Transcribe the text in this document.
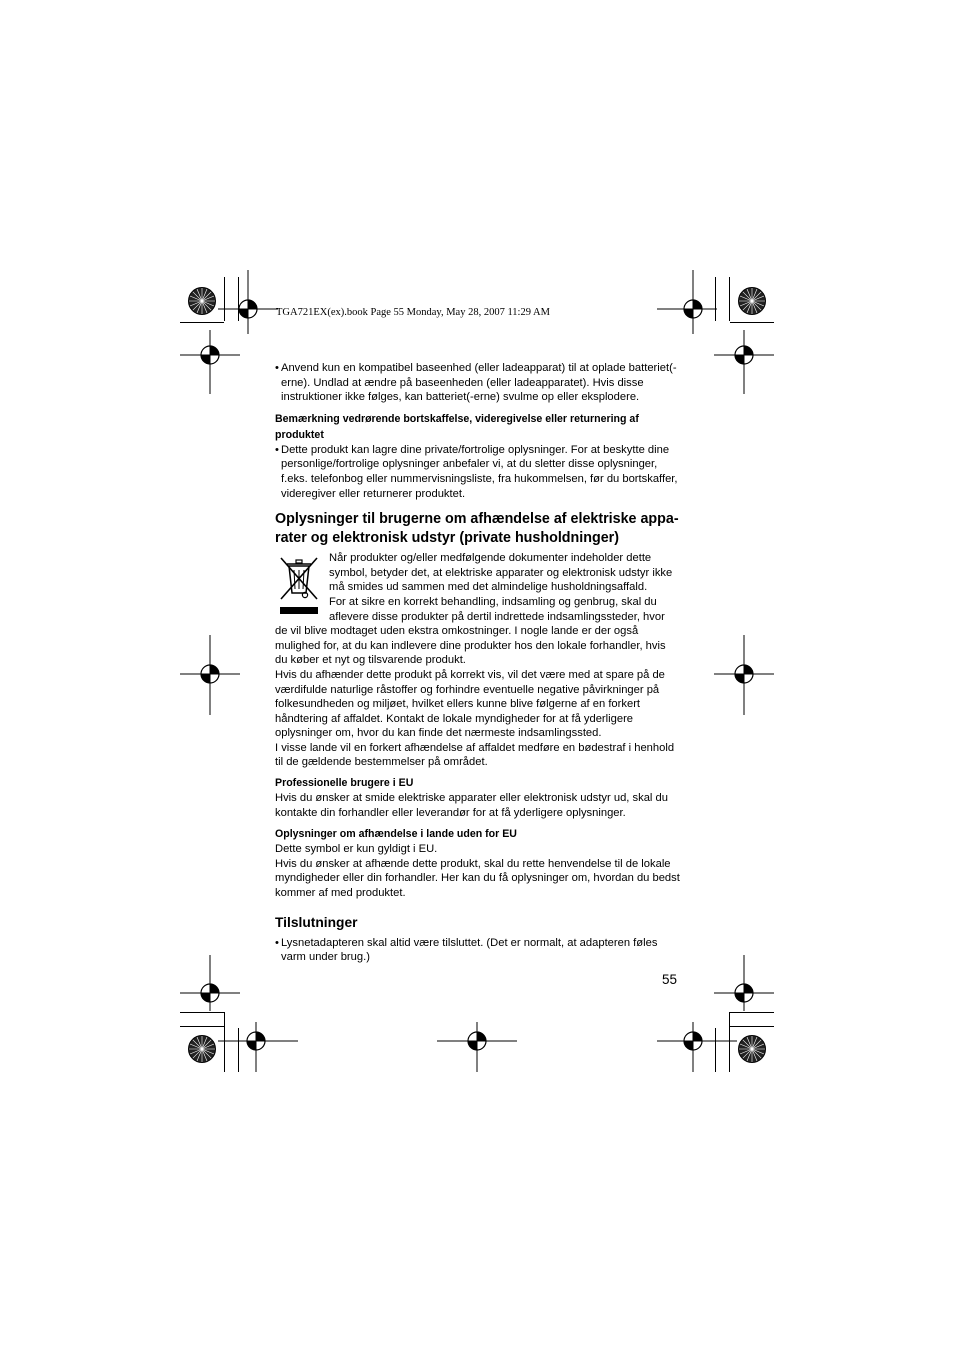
TGA721EX(ex).book Page 55 Monday, May 28, 2007 11:29 AM

• Anvend kun en kompatibel baseenhed (eller ladeapparat) til at oplade batteriet(-erne). Undlad at ændre på baseenheden (eller ladeapparatet). Hvis disse instruktioner ikke følges, kan batteriet(-erne) svulme op eller eksplodere.

Bemærkning vedrørende bortskaffelse, videregivelse eller returnering af produktet

• Dette produkt kan lagre dine private/fortrolige oplysninger. For at beskytte dine personlige/fortrolige oplysninger anbefaler vi, at du sletter disse oplysninger, f.eks. telefonbog eller nummervisningsliste, fra hukommelsen, før du bortskaffer, videregiver eller returnerer produktet.

Oplysninger til brugerne om afhændelse af elektriske appa-
rater og elektronisk udstyr (private husholdninger)

Når produkter og/eller medfølgende dokumenter indeholder dette symbol, betyder det, at elektriske apparater og elektronisk udstyr ikke må smides ud sammen med det almindelige husholdningsaffald.

For at sikre en korrekt behandling, indsamling og genbrug, skal du aflevere disse produkter på dertil indrettede indsamlingssteder, hvor de vil blive modtaget uden ekstra omkostninger. I nogle lande er der også mulighed for, at du kan indlevere dine produkter hos den lokale forhandler, hvis du køber et nyt og tilsvarende produkt.

Hvis du afhænder dette produkt på korrekt vis, vil det være med at spare på de værdifulde naturlige råstoffer og forhindre eventuelle negative påvirkninger på folkesundheden og miljøet, hvilket ellers kunne blive følgerne af en forkert håndtering af affaldet. Kontakt de lokale myndigheder for at få yderligere oplysninger om, hvor du kan finde det nærmeste indsamlingssted.

I visse lande vil en forkert afhændelse af affaldet medføre en bødestraf i henhold til de gældende bestemmelser på området.

Professionelle brugere i EU

Hvis du ønsker at smide elektriske apparater eller elektronisk udstyr ud, skal du kontakte din forhandler eller leverandør for at få yderligere oplysninger.

Oplysninger om afhændelse i lande uden for EU

Dette symbol er kun gyldigt i EU.

Hvis du ønsker at afhænde dette produkt, skal du rette henvendelse til de lokale myndigheder eller din forhandler. Her kan du få oplysninger om, hvordan du bedst kommer af med produktet.

Tilslutninger

• Lysnetadapteren skal altid være tilsluttet. (Det er normalt, at adapteren føles varm under brug.)

55
